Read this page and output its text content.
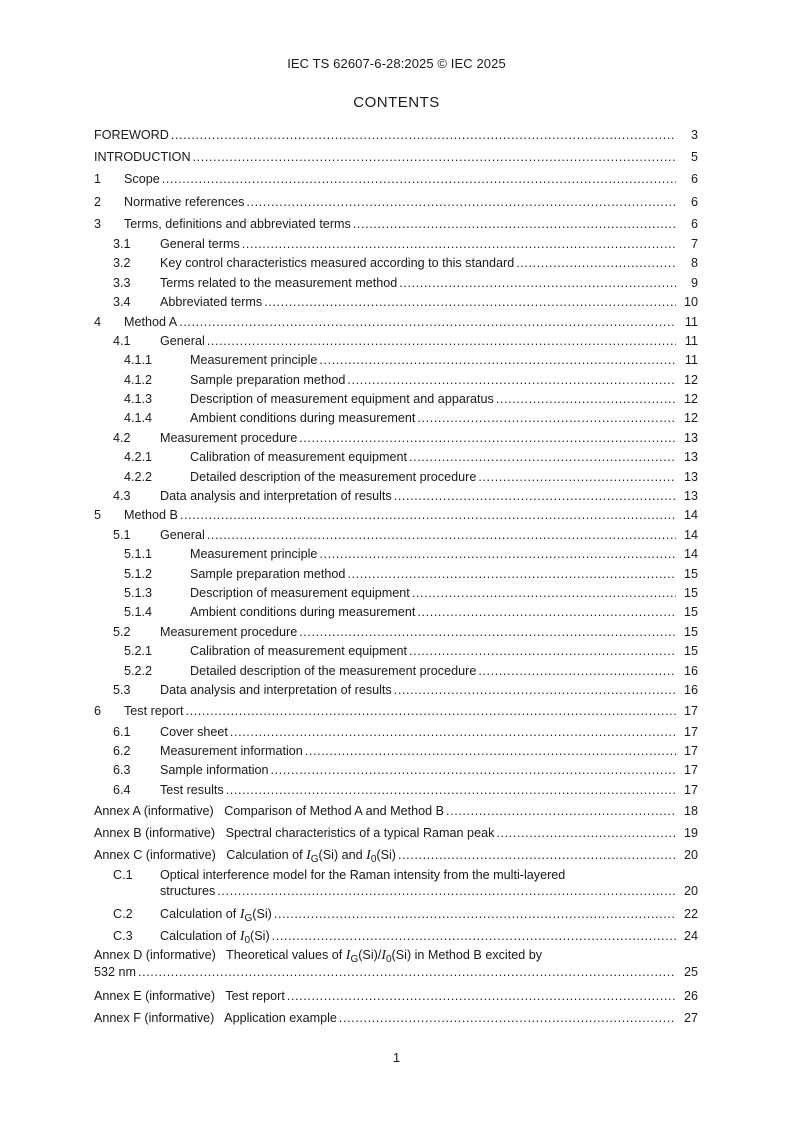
IEC TS 62607-6-28:2025 © IEC 2025
CONTENTS
FOREWORD .....	3
INTRODUCTION .....	5
1 Scope .....	6
2 Normative references .....	6
3 Terms, definitions and abbreviated terms .....	6
3.1 General terms .....	7
3.2 Key control characteristics measured according to this standard .....	8
3.3 Terms related to the measurement method .....	9
3.4 Abbreviated terms .....	10
4 Method A .....	11
4.1 General .....	11
4.1.1	Measurement principle .....	11
4.1.2	Sample preparation method .....	12
4.1.3	Description of measurement equipment and apparatus .....	12
4.1.4	Ambient conditions during measurement .....	12
4.2 Measurement procedure .....	13
4.2.1	Calibration of measurement equipment .....	13
4.2.2	Detailed description of the measurement procedure .....	13
4.3 Data analysis and interpretation of results .....	13
5 Method B .....	14
5.1 General .....	14
5.1.1	Measurement principle .....	14
5.1.2	Sample preparation method .....	15
5.1.3	Description of measurement equipment .....	15
5.1.4	Ambient conditions during measurement .....	15
5.2 Measurement procedure .....	15
5.2.1	Calibration of measurement equipment .....	15
5.2.2	Detailed description of the measurement procedure .....	16
5.3 Data analysis and interpretation of results .....	16
6 Test report .....	17
6.1 Cover sheet .....	17
6.2 Measurement information .....	17
6.3 Sample information .....	17
6.4 Test results .....	17
Annex A (informative)   Comparison of Method A and Method B .....	18
Annex B (informative)   Spectral characteristics of a typical Raman peak .....	19
Annex C (informative)   Calculation of $I_G(Si)$ and $I_0(Si)$ .....	20
C.1 Optical interference model for the Raman intensity from the multi-layered
structures .....	20
C.2 Calculation of $I_G(Si)$ .....	22
C.3 Calculation of $I_0(Si)$ .....	24
Annex D (informative)   Theoretical values of $I_G(Si)/I_0(Si)$ in Method B excited by
532 nm .....	25
Annex E (informative)   Test report .....	26
Annex F (informative)   Application example .....	27
1
